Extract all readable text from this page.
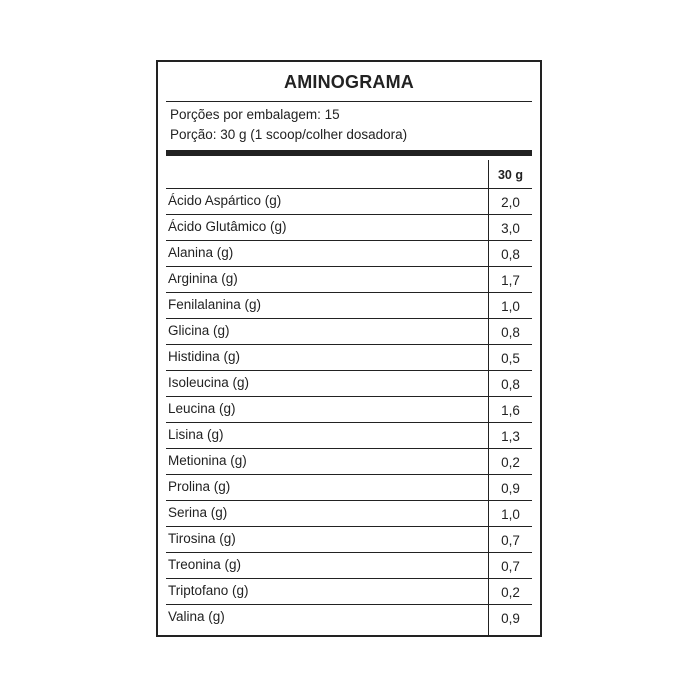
AMINOGRAMA
Porções por embalagem: 15
Porção: 30 g (1 scoop/colher dosadora)
30 g
Ácido Aspártico (g)	2,0
Ácido Glutâmico (g)	3,0
Alanina (g)	0,8
Arginina (g)	1,7
Fenilalanina (g)	1,0
Glicina (g)	0,8
Histidina (g)	0,5
Isoleucina (g)	0,8
Leucina (g)	1,6
Lisina (g)	1,3
Metionina (g)	0,2
Prolina (g)	0,9
Serina (g)	1,0
Tirosina (g)	0,7
Treonina (g)	0,7
Triptofano (g)	0,2
Valina (g)	0,9
